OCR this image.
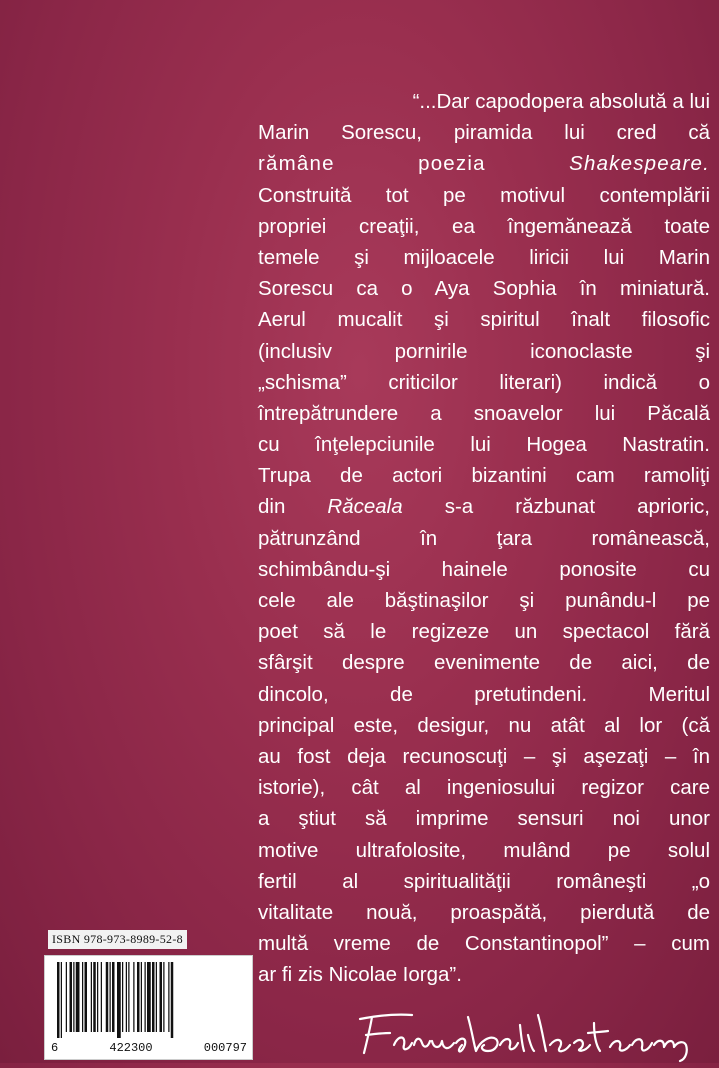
“...Dar capodopera absolută a lui
Marin Sorescu, piramida lui cred că
rămâne poezia Shakespeare.
Construită tot pe motivul contemplării
propriei creaţii, ea îngemănează toate
temele şi mijloacele liricii lui Marin
Sorescu ca o Aya Sophia în miniatură.
Aerul mucalit şi spiritul înalt filosofic
(inclusiv pornirile iconoclaste şi
„schisma” criticilor literari) indică o
întrepătrundere a snoavelor lui Păcală
cu înţelepciunile lui Hogea Nastratin.
Trupa de actori bizantini cam ramoliţi
din Răceala s-a răzbunat aprioric,
pătrunzând în ţara românească,
schimbându-şi hainele ponosite cu
cele ale băştinaşilor şi punându-l pe
poet să le regizeze un spectacol fără
sfârşit despre evenimente de aici, de
dincolo, de pretutindeni. Meritul
principal este, desigur, nu atât al lor (că
au fost deja recunoscuţi – şi aşezaţi – în
istorie), cât al ingeniosului regizor care
a ştiut să imprime sensuri noi unor
motive ultrafolosite, mulând pe solul
fertil al spiritualităţii româneşti „o
vitalitate nouă, proaspătă, pierdută de
multă vreme de Constantinopol” – cum
ar fi zis Nicolae Iorga”.
ISBN 978-973-8989-52-8
6	422300	000797
